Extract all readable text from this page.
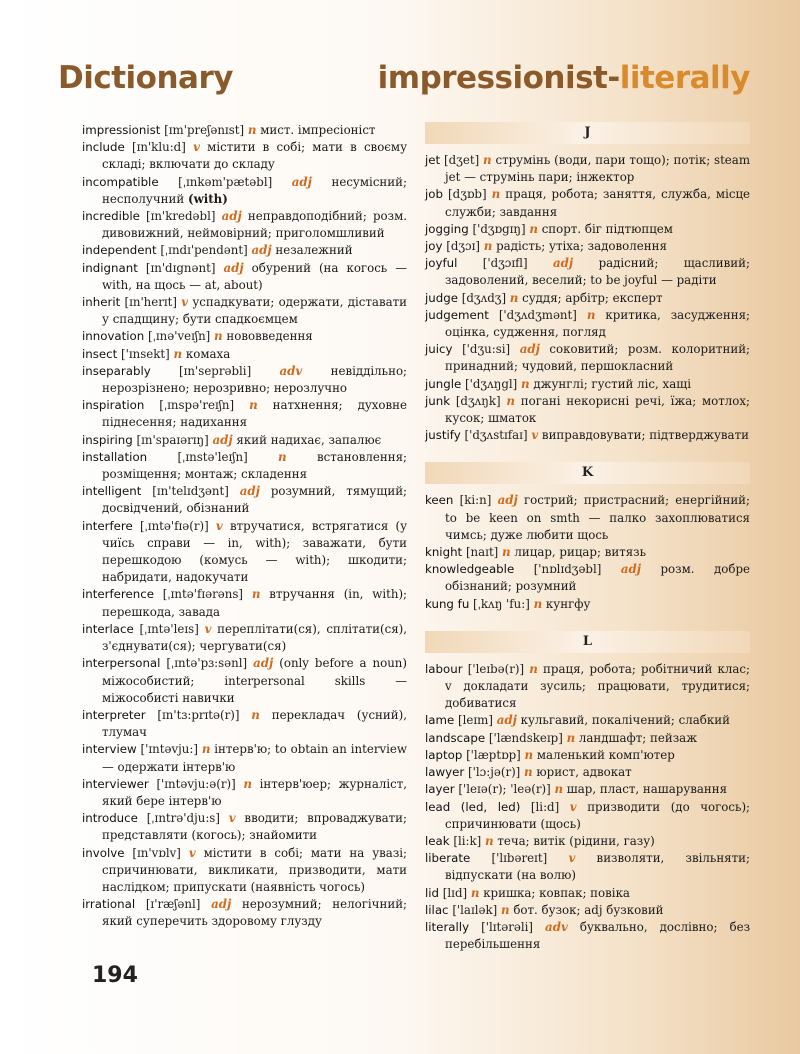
Dictionary	impressionist-literally
impressionist [ɪm'preʃənɪst] n мист. імпресіоніст
include [ɪn'klu:d] v містити в собі; мати в своєму складі; включати до складу
incompatible [ˌɪnkəm'pætəbl] adj несумісний; несполучний (with)
incredible [ɪn'kredəbl] adj неправдоподібний; розм. дивовижний, неймовірний; приголомшливий
independent [ˌɪndɪ'pendənt] adj незалежний
indignant [ɪn'dɪgnənt] adj обурений (на когось — with, на щось — at, about)
inherit [ɪn'herɪt] v успадкувати; одержати, діставати у спадщину; бути спадкоємцем
innovation [ˌɪnə'veɪʃn] n нововведення
insect ['ɪnsekt] n комаха
inseparably [ɪn'seprəbli] adv невіддільно; нерозрізнено; нерозривно; нерозлучно
inspiration [ˌɪnspə'reɪʃn] n натхнення; духовне піднесення; надихання
inspiring [ɪn'spaɪərɪŋ] adj який надихає, запалює
installation	[ˌɪnstə'leɪʃn]	n	встановлення; розміщення; монтаж; складення
intelligent [ɪn'telɪdʒənt] adj розумний, тямущий; досвідчений, обізнаний
interfere [ˌɪntə'fɪə(r)] v втручатися, встрягатися (у чиїсь справи — in, with); заважати, бути перешкодою (комусь — with); шкодити; набридати, надокучати
interference [ˌɪntə'fɪərəns] n втручання (in, with); перешкода, завада
interlace [ˌɪntə'leɪs] v переплітати(ся), сплітати(ся), з'єднувати(ся); чергувати(ся)
interpersonal [ˌɪntə'pɜ:sənl] adj (only before a noun) міжособистий; interpersonal skills — міжособисті навички
interpreter [ɪn'tɜ:prɪtə(r)] n перекладач (усний), тлумач
interview ['ɪntəvju:] n інтерв'ю; to obtain an interview — одержати інтерв'ю
interviewer ['ɪntəvju:ə(r)] n інтерв'юер; журналіст, який бере інтерв'ю
introduce [ˌɪntrə'dju:s] v вводити; впроваджувати; представляти (когось); знайомити
involve [ɪn'vɒlv] v містити в собі; мати на увазі; спричинювати, викликати, призводити, мати наслідком; припускати (наявність чогось)
irrational [ɪ'ræʃənl] adj нерозумний; нелогічний; який суперечить здоровому глузду
J
jet [dʒet] n струмінь (води, пари тощо); потік; steam jet — струмінь пари; інжектор
job [dʒɒb] n праця, робота; заняття, служба, місце служби; завдання
jogging ['dʒɒgɪŋ] n спорт. біг підтюпцем
joy [dʒɔɪ] n радість; утіха; задоволення
joyful ['dʒɔɪfl] adj радісний; щасливий; задоволений, веселий; to be joyful — радіти
judge [dʒʌdʒ] n суддя; арбітр; експерт
judgement ['dʒʌdʒmənt] n критика, засудження; оцінка, судження, погляд
juicy ['dʒu:si] adj соковитий; розм. колоритний; принадний; чудовий, першокласний
jungle ['dʒʌŋgl] n джунглі; густий ліс, хащі
junk [dʒʌŋk] n погані некорисні речі, їжа; мотлох; кусок; шматок
justify ['dʒʌstɪfaɪ] v виправдовувати; підтверджувати
K
keen [ki:n] adj гострий; пристрасний; енергійний; to be keen on smth — палко захоплюватися чимсь; дуже любити щось
knight [naɪt] n лицар, рицар; витязь
knowledgeable ['nɒlɪdʒəbl] adj розм. добре обізнаний; розумний
kung fu [ˌkʌŋ 'fu:] n кунгфу
L
labour ['leɪbə(r)] n праця, робота; робітничий клас; v докладати зусиль; працювати, трудитися; добиватися
lame [leɪm] adj кульгавий, покалічений; слабкий
landscape ['lændskeɪp] n ландшафт; пейзаж
laptop ['læptɒp] n маленький комп'ютер
lawyer ['lɔ:jə(r)] n юрист, адвокат
layer ['leɪə(r); 'leə(r)] n шар, пласт, нашарування
lead (led, led) [li:d] v призводити (до чогось); спричинювати (щось)
leak [li:k] n теча; витік (рідини, газу)
liberate ['lɪbəreɪt] v визволяти, звільняти; відпускати (на волю)
lid [lɪd] n кришка; ковпак; повіка
lilac ['laɪlək] n бот. бузок; adj бузковий
literally ['lɪtərəli] adv буквально, дослівно; без перебільшення
194
